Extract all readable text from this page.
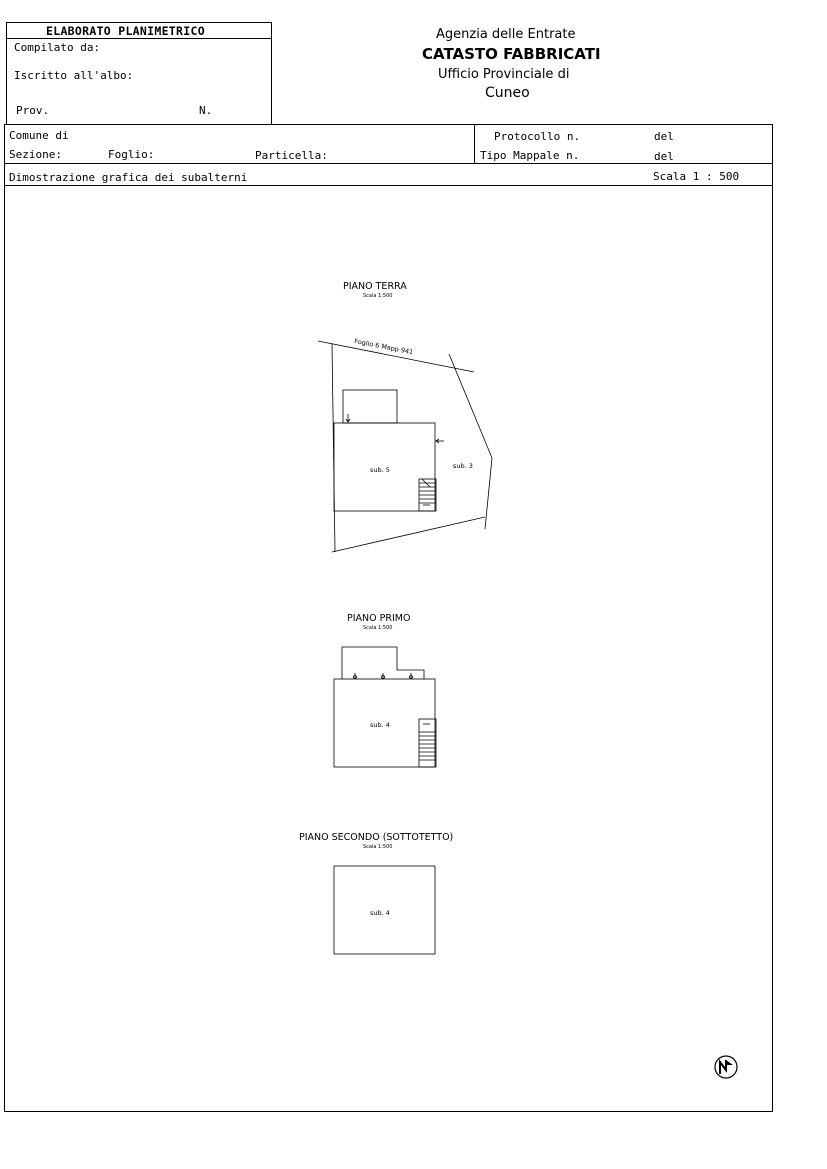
ELABORATO PLANIMETRICO
Compilato da:
Iscritto all'albo:
Prov.	N.
Agenzia delle Entrate
CATASTO FABBRICATI
Ufficio Provinciale di
Cuneo
Comune di
Sezione:	Foglio:	Particella:
Protocollo n.	del
Tipo Mappale n.	del
Dimostrazione grafica dei subalterni	Scala 1 : 500
PIANO TERRA
Scala 1:500
Foglio 6 Mapp 941
sub. 5	sub. 3
PIANO PRIMO
Scala 1:500
sub. 4
PIANO SECONDO (SOTTOTETTO)
Scala 1:500
sub. 4
